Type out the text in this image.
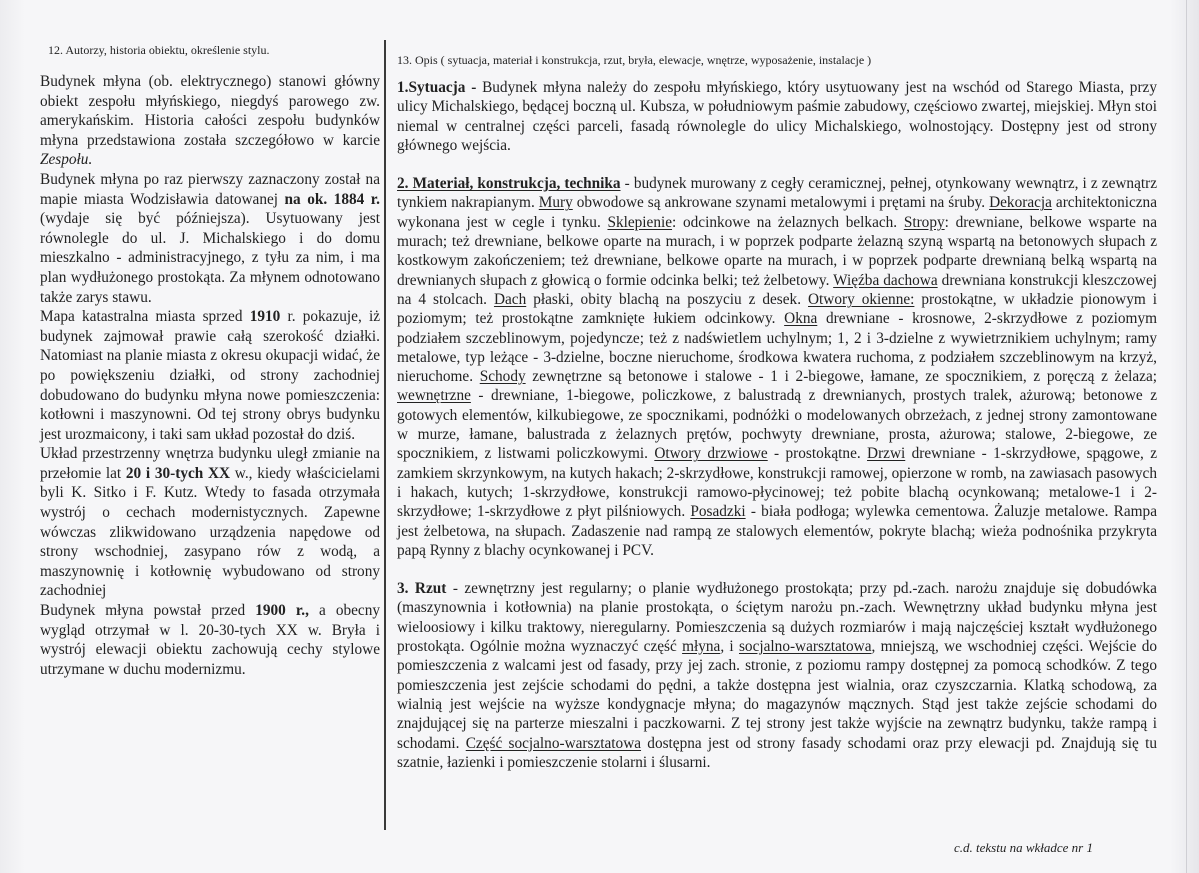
12. Autorzy, historia obiektu, określenie stylu.

Budynek młyna (ob. elektrycznego) stanowi główny obiekt zespołu młyńskiego, niegdyś parowego zw. amerykańskim. Historia całości zespołu budynków młyna przedstawiona została szczegółowo w karcie Zespołu.

Budynek młyna po raz pierwszy zaznaczony został na mapie miasta Wodzisławia datowanej na ok. 1884 r. (wydaje się być późniejsza). Usytuowany jest równolegle do ul. J. Michalskiego i do domu mieszkalno - administracyjnego, z tyłu za nim, i ma plan wydłużonego prostokąta. Za młynem odnotowano także zarys stawu.

Mapa katastralna miasta sprzed 1910 r. pokazuje, iż budynek zajmował prawie całą szerokość działki. Natomiast na planie miasta z okresu okupacji widać, że po powiększeniu działki, od strony zachodniej dobudowano do budynku młyna nowe pomieszczenia: kotłowni i maszynowni. Od tej strony obrys budynku jest urozmaicony, i taki sam układ pozostał do dziś.

Układ przestrzenny wnętrza budynku uległ zmianie na przełomie lat 20 i 30-tych XX w., kiedy właścicielami byli K. Sitko i F. Kutz. Wtedy to fasada otrzymała wystrój o cechach modernistycznych. Zapewne wówczas zlikwidowano urządzenia napędowe od strony wschodniej, zasypano rów z wodą, a maszynownię i kotłownię wybudowano od strony zachodniej

Budynek młyna powstał przed 1900 r., a obecny wygląd otrzymał w l. 20-30-tych XX w. Bryła i wystrój elewacji obiektu zachowują cechy stylowe utrzymane w duchu modernizmu.

13. Opis ( sytuacja, materiał i konstrukcja, rzut, bryła, elewacje, wnętrze, wyposażenie, instalacje )

1.Sytuacja - Budynek młyna należy do zespołu młyńskiego, który usytuowany jest na wschód od Starego Miasta, przy ulicy Michalskiego, będącej boczną ul. Kubsza, w południowym paśmie zabudowy, częściowo zwartej, miejskiej. Młyn stoi niemal w centralnej części parceli, fasadą równolegle do ulicy Michalskiego, wolnostojący. Dostępny jest od strony głównego wejścia.

2. Materiał, konstrukcja, technika - budynek murowany z cegły ceramicznej, pełnej, otynkowany wewnątrz, i z zewnątrz tynkiem nakrapianym. Mury obwodowe są ankrowane szynami metalowymi i prętami na śruby. Dekoracja architektoniczna wykonana jest w cegle i tynku. Sklepienie: odcinkowe na żelaznych belkach. Stropy: drewniane, belkowe wsparte na murach; też drewniane, belkowe oparte na murach, i w poprzek podparte żelazną szyną wspartą na betonowych słupach z kostkowym zakończeniem; też drewniane, belkowe oparte na murach, i w poprzek podparte drewnianą belką wspartą na drewnianych słupach z głowicą o formie odcinka belki; też żelbetowy. Więźba dachowa drewniana konstrukcji kleszczowej na 4 stolcach. Dach płaski, obity blachą na poszyciu z desek. Otwory okienne: prostokątne, w układzie pionowym i poziomym; też prostokątne zamknięte łukiem odcinkowy. Okna drewniane - krosnowe, 2-skrzydłowe z poziomym podziałem szczeblinowym, pojedyncze; też z nadświetlem uchylnym; 1, 2 i 3-dzielne z wywietrznikiem uchylnym; ramy metalowe, typ leżące - 3-dzielne, boczne nieruchome, środkowa kwatera ruchoma, z podziałem szczeblinowym na krzyż, nieruchome. Schody zewnętrzne są betonowe i stalowe - 1 i 2-biegowe, łamane, ze spocznikiem, z poręczą z żelaza; wewnętrzne - drewniane, 1-biegowe, policzkowe, z balustradą z drewnianych, prostych tralek, ażurową; betonowe z gotowych elementów, kilkubiegowe, ze spocznikami, podnóżki o modelowanych obrzeżach, z jednej strony zamontowane w murze, łamane, balustrada z żelaznych prętów, pochwyty drewniane, prosta, ażurowa; stalowe, 2-biegowe, ze spocznikiem, z listwami policzkowymi. Otwory drzwiowe - prostokątne. Drzwi drewniane - 1-skrzydłowe, spągowe, z zamkiem skrzynkowym, na kutych hakach; 2-skrzydłowe, konstrukcji ramowej, opierzone w romb, na zawiasach pasowych i hakach, kutych; 1-skrzydłowe, konstrukcji ramowo-płycinowej; też pobite blachą ocynkowaną; metalowe-1 i 2-skrzydłowe; 1-skrzydłowe z płyt pilśniowych. Posadzki - biała podłoga; wylewka cementowa. Żaluzje metalowe. Rampa jest żelbetowa, na słupach. Zadaszenie nad rampą ze stalowych elementów, pokryte blachą; wieża podnośnika przykryta papą Rynny z blachy ocynkowanej i PCV.

3. Rzut - zewnętrzny jest regularny; o planie wydłużonego prostokąta; przy pd.-zach. narożu znajduje się dobudówka (maszynownia i kotłownia) na planie prostokąta, o ściętym narożu pn.-zach. Wewnętrzny układ budynku młyna jest wieloosiowy i kilku traktowy, nieregularny. Pomieszczenia są dużych rozmiarów i mają najczęściej kształt wydłużonego prostokąta. Ogólnie można wyznaczyć część młyna, i socjalno-warsztatowa, mniejszą, we wschodniej części. Wejście do pomieszczenia z walcami jest od fasady, przy jej zach. stronie, z poziomu rampy dostępnej za pomocą schodków. Z tego pomieszczenia jest zejście schodami do pędni, a także dostępna jest wialnia, oraz czyszczarnia. Klatką schodową, za wialnią jest wejście na wyższe kondygnacje młyna; do magazynów mącznych. Stąd jest także zejście schodami do znajdującej się na parterze mieszalni i paczkowarni. Z tej strony jest także wyjście na zewnątrz budynku, także rampą i schodami. Część socjalno-warsztatowa dostępna jest od strony fasady schodami oraz przy elewacji pd. Znajdują się tu szatnie, łazienki i pomieszczenie stolarni i ślusarni.

c.d. tekstu na wkładce nr 1
